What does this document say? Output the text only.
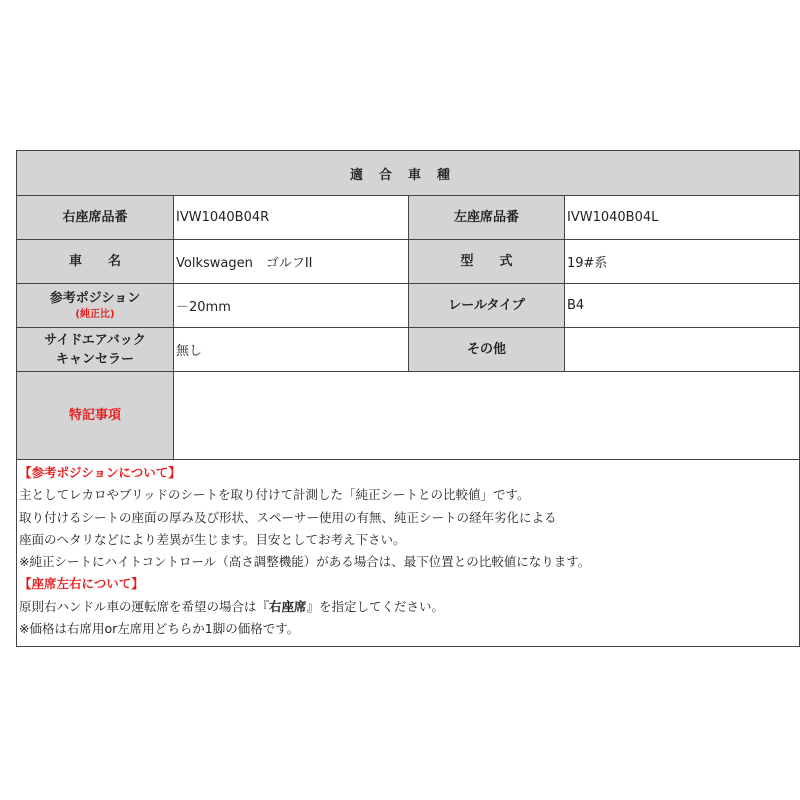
適合車種			
右座席品番	IVW1040B04R	左座席品番	IVW1040B04L
車　　名	Volkswagen　ゴルフII	型　　式	19#系
参考ポジション
(純正比)	－20mm	レールタイプ	B4

サイドエアバック
キャンセラー	無し	その他	
特記事項			

【参考ポジションについて】
主としてレカロやブリッドのシートを取り付けて計測した「純正シートとの比較値」です。
取り付けるシートの座面の厚み及び形状、スペーサー使用の有無、純正シートの経年劣化による
座面のヘタリなどにより差異が生じます。目安としてお考え下さい。
※純正シートにハイトコントロール（高さ調整機能）がある場合は、最下位置との比較値になります。
【座席左右について】
原則右ハンドル車の運転席を希望の場合は『右座席』を指定してください。
※価格は右席用or左席用どちらか1脚の価格です。
